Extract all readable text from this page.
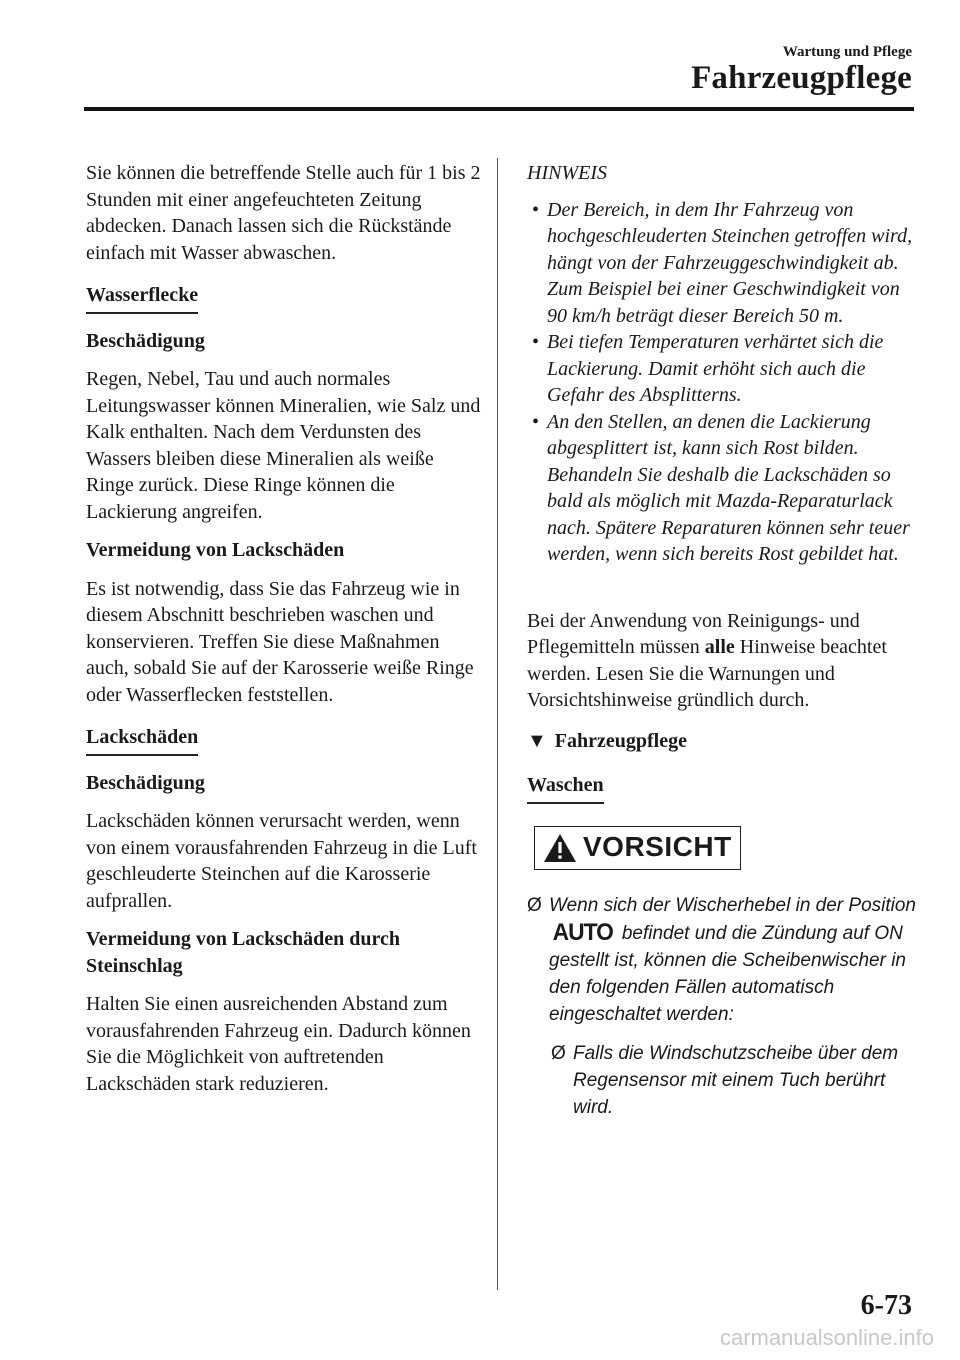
Wartung und Pflege
Fahrzeugpflege

Sie können die betreffende Stelle auch für 1 bis 2 Stunden mit einer angefeuchteten Zeitung abdecken. Danach lassen sich die Rückstände einfach mit Wasser abwaschen.

Wasserflecke
Beschädigung

Regen, Nebel, Tau und auch normales Leitungswasser können Mineralien, wie Salz und Kalk enthalten. Nach dem Verdunsten des Wassers bleiben diese Mineralien als weiße Ringe zurück. Diese Ringe können die Lackierung angreifen.

Vermeidung von Lackschäden

Es ist notwendig, dass Sie das Fahrzeug wie in diesem Abschnitt beschrieben waschen und konservieren. Treffen Sie diese Maßnahmen auch, sobald Sie auf der Karosserie weiße Ringe oder Wasserflecken feststellen.

Lackschäden
Beschädigung

Lackschäden können verursacht werden, wenn von einem vorausfahrenden Fahrzeug in die Luft geschleuderte Steinchen auf die Karosserie aufprallen.

Vermeidung von Lackschäden durch Steinschlag

Halten Sie einen ausreichenden Abstand zum vorausfahrenden Fahrzeug ein. Dadurch können Sie die Möglichkeit von auftretenden Lackschäden stark reduzieren.

HINWEIS
• Der Bereich, in dem Ihr Fahrzeug von hochgeschleuderten Steinchen getroffen wird, hängt von der Fahrzeuggeschwindigkeit ab. Zum Beispiel bei einer Geschwindigkeit von 90 km/h beträgt dieser Bereich 50 m.
• Bei tiefen Temperaturen verhärtet sich die Lackierung. Damit erhöht sich auch die Gefahr des Absplitterns.
• An den Stellen, an denen die Lackierung abgesplittert ist, kann sich Rost bilden. Behandeln Sie deshalb die Lackschäden so bald als möglich mit Mazda-Reparaturlack nach. Spätere Reparaturen können sehr teuer werden, wenn sich bereits Rost gebildet hat.

Bei der Anwendung von Reinigungs- und Pflegemitteln müssen alle Hinweise beachtet werden. Lesen Sie die Warnungen und Vorsichtshinweise gründlich durch.

▼ Fahrzeugpflege
Waschen

VORSICHT
Ø Wenn sich der Wischerhebel in der Position AUTO befindet und die Zündung auf ON gestellt ist, können die Scheibenwischer in den folgenden Fällen automatisch eingeschaltet werden:
Ø Falls die Windschutzscheibe über dem Regensensor mit einem Tuch berührt wird.
6-73
carmanualsonline.info
